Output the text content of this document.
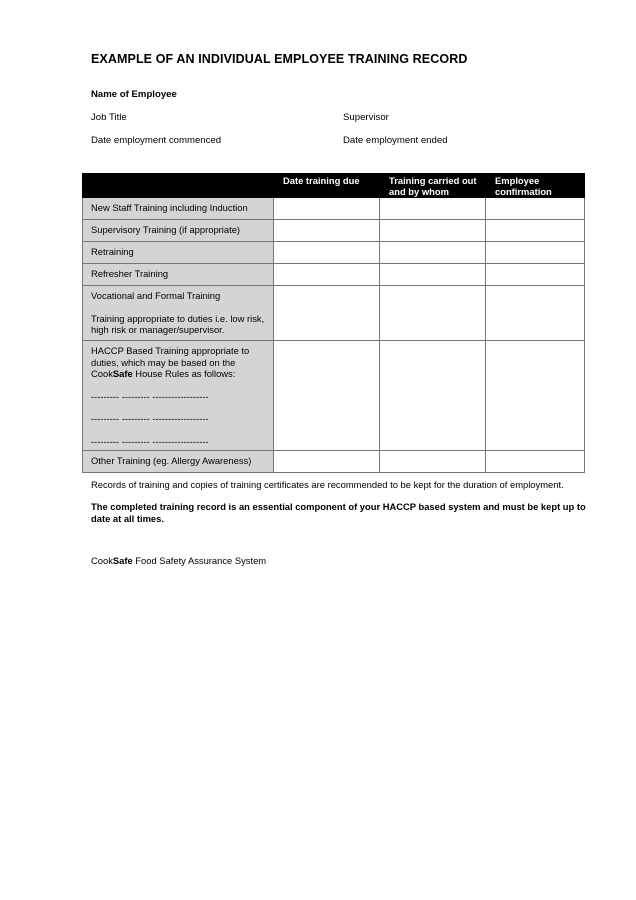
EXAMPLE OF AN INDIVIDUAL EMPLOYEE TRAINING RECORD
Name of Employee
Job Title	Supervisor
Date employment commenced	Date employment ended
	Date training due	Training carried out and by whom	Employee confirmation

New Staff Training including Induction			

Supervisory Training (if appropriate)			

Retraining			

Refresher Training			

Vocational and Formal Training
Training appropriate to duties i.e. low risk, high risk or manager/supervisor.			

HACCP Based Training appropriate to duties, which may be based on the CookSafe House Rules as follows:
--------- --------- ------------------
--------- --------- ------------------
--------- --------- ------------------			

Other Training (eg. Allergy Awareness)			

Records of training and copies of training certificates are recommended to be kept for the duration of employment.
The completed training record is an essential component of your HACCP based system and must be kept up to date at all times.
CookSafe Food Safety Assurance System
